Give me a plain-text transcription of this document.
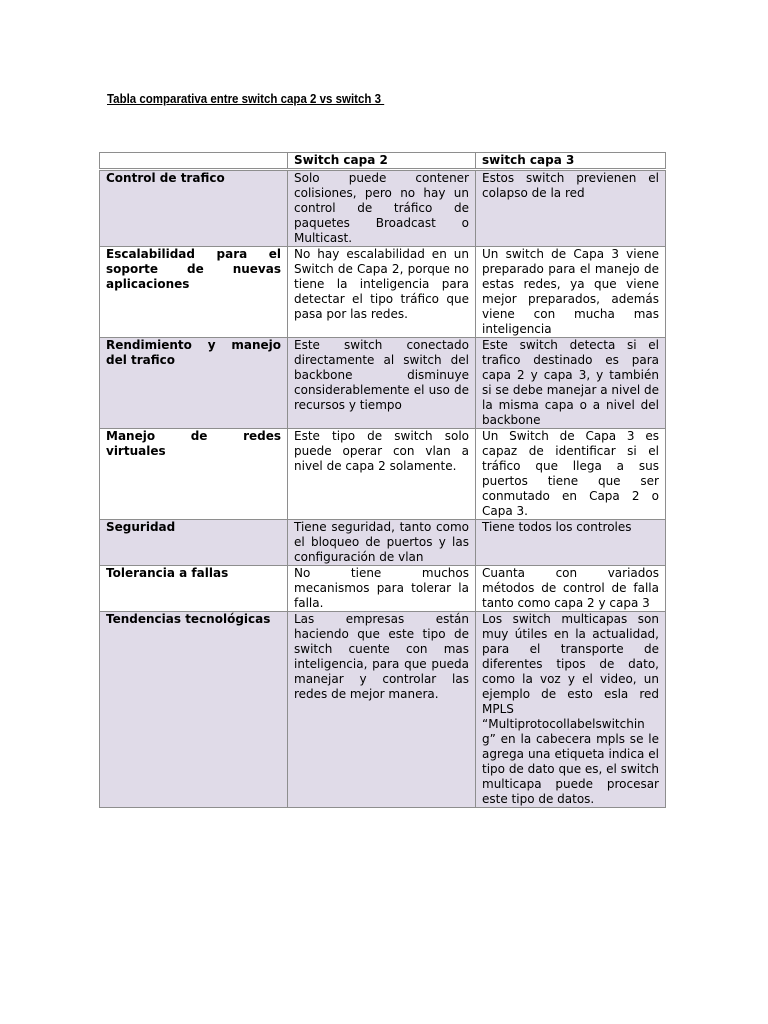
Tabla comparativa entre switch capa 2 vs switch 3
	Switch capa 2	switch capa 3
Control de trafico	Solo puede contener colisiones, pero no hay un control de tráfico de paquetes Broadcast o Multicast.	Estos switch previenen el colapso de la red
Escalabilidad para el soporte de nuevas aplicaciones	No hay escalabilidad en un Switch de Capa 2, porque no tiene la inteligencia para detectar el tipo tráfico que pasa por las redes.	Un switch de Capa 3 viene preparado para el manejo de estas redes, ya que viene mejor preparados, además viene con mucha mas inteligencia
Rendimiento y manejo del trafico	Este switch conectado directamente al switch del backbone disminuye considerablemente el uso de recursos y tiempo	Este switch detecta si el trafico destinado es para capa 2 y capa 3, y también si se debe manejar a nivel de la misma capa o a nivel del backbone
Manejo de redes virtuales	Este tipo de switch solo puede operar con vlan a nivel de capa 2 solamente.	Un Switch de Capa 3 es capaz de identificar si el tráfico que llega a sus puertos tiene que ser conmutado en Capa 2 o Capa 3.
Seguridad	Tiene seguridad, tanto como el bloqueo de puertos y las configuración de vlan	Tiene todos los controles
Tolerancia a fallas	No tiene muchos mecanismos para tolerar la falla.	Cuanta con variados métodos de control de falla tanto como capa 2 y capa 3
Tendencias tecnológicas	Las empresas están haciendo que este tipo de switch cuente con mas inteligencia, para que pueda manejar y controlar las redes de mejor manera.	Los switch multicapas son muy útiles en la actualidad, para el transporte de diferentes tipos de dato, como la voz y el video, un ejemplo de esto esla red MPLS “Multiprotocollabelswitchin g” en la cabecera mpls se le agrega una etiqueta indica el tipo de dato que es, el switch multicapa puede procesar este tipo de datos.
